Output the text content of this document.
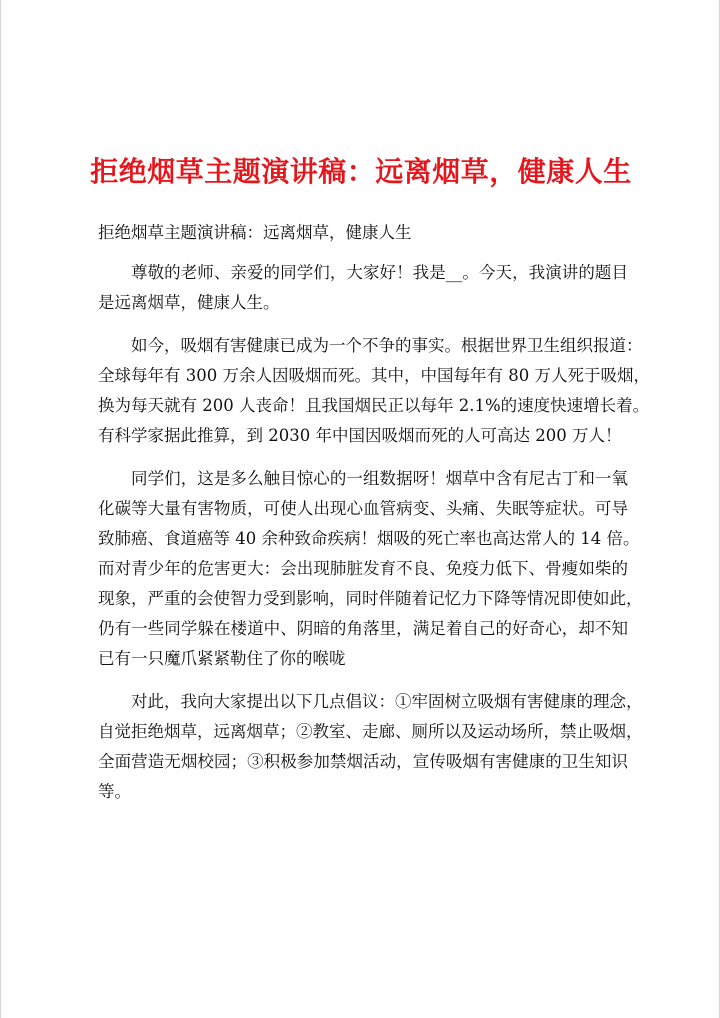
拒绝烟草主题演讲稿：远离烟草，健康人生
拒绝烟草主题演讲稿：远离烟草，健康人生
尊敬的老师、亲爱的同学们，大家好！我是__。今天，我演讲的题目
是远离烟草，健康人生。
如今，吸烟有害健康已成为一个不争的事实。根据世界卫生组织报道：
全球每年有 300 万余人因吸烟而死。其中，中国每年有 80 万人死于吸烟，
换为每天就有 200 人丧命！且我国烟民正以每年 2.1%的速度快速增长着。
有科学家据此推算，到 2030 年中国因吸烟而死的人可高达 200 万人！
同学们，这是多么触目惊心的一组数据呀！烟草中含有尼古丁和一氧
化碳等大量有害物质，可使人出现心血管病变、头痛、失眠等症状。可导
致肺癌、食道癌等 40 余种致命疾病！烟吸的死亡率也高达常人的 14 倍。
而对青少年的危害更大：会出现肺脏发育不良、免疫力低下、骨瘦如柴的
现象，严重的会使智力受到影响，同时伴随着记忆力下降等情况即使如此，
仍有一些同学躲在楼道中、阴暗的角落里，满足着自己的好奇心，却不知
已有一只魔爪紧紧勒住了你的喉咙
对此，我向大家提出以下几点倡议：①牢固树立吸烟有害健康的理念，
自觉拒绝烟草，远离烟草；②教室、走廊、厕所以及运动场所，禁止吸烟，
全面营造无烟校园；③积极参加禁烟活动，宣传吸烟有害健康的卫生知识
等。
